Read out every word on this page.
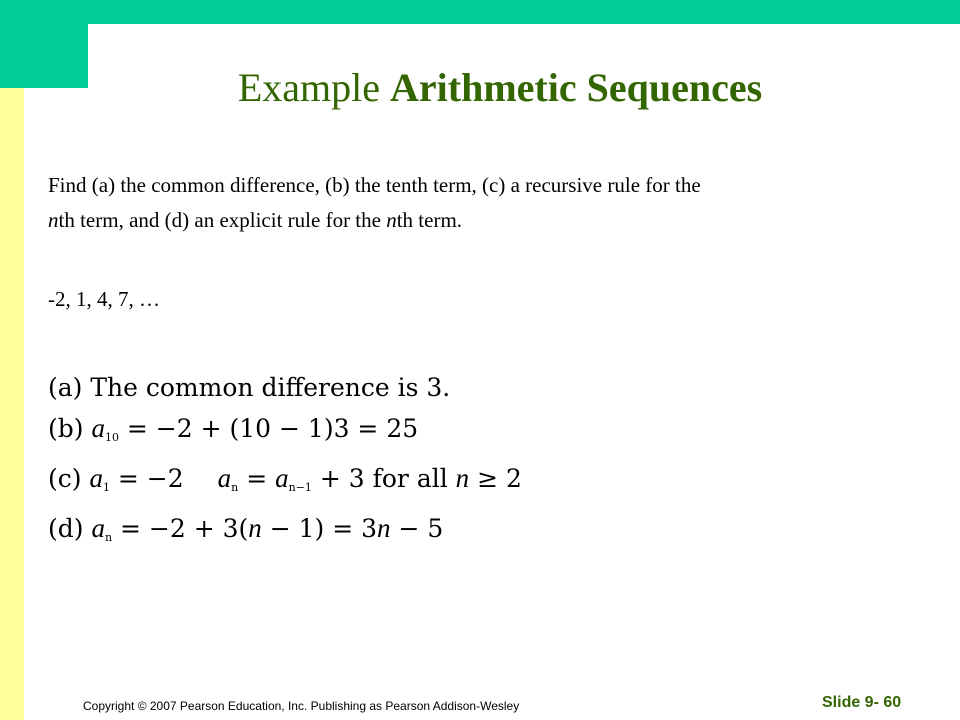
Example Arithmetic Sequences
Find (a) the common difference, (b) the tenth term, (c) a recursive rule for the
nth term, and (d) an explicit rule for the nth term.
-2, 1, 4, 7, …
(a) The common difference is 3.
(b) $a_{10} = -2 + (10 - 1)3 = 25$
(c) $a_1 = -2$ $a_n = a_{n-1} + 3$ for all n ≥ 2
(d) $a_n = -2 + 3(n - 1) = 3n - 5$
Copyright © 2007 Pearson Education, Inc. Publishing as Pearson Addison-Wesley	Slide 9- 60
